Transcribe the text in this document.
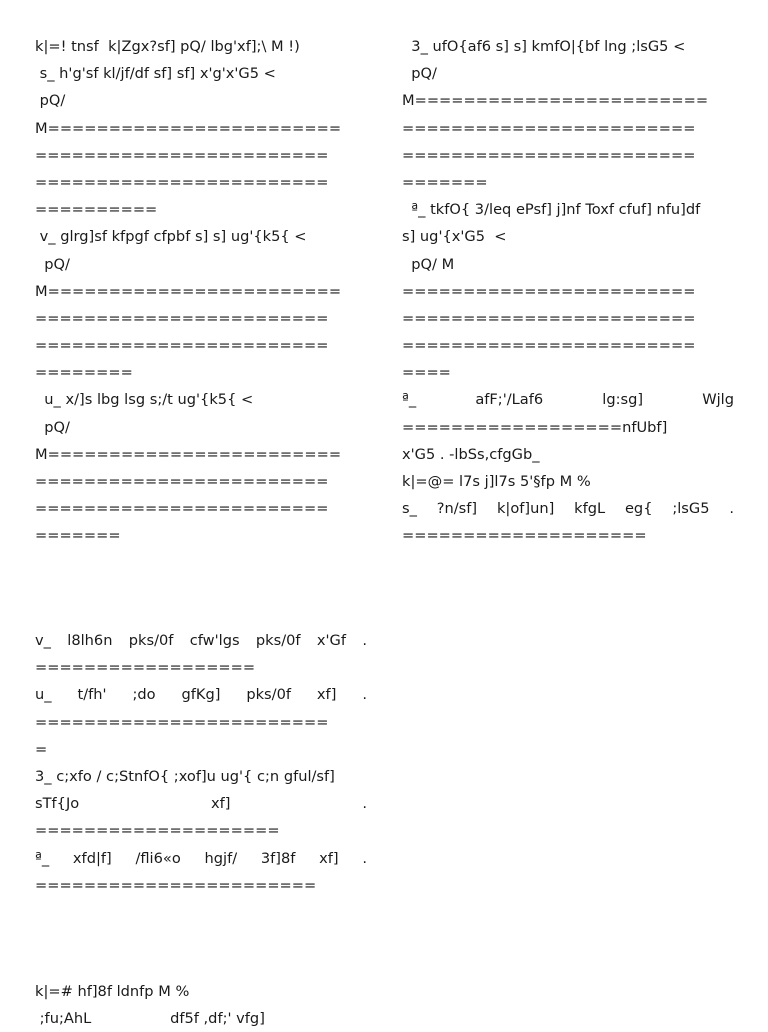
k|=! tnsf  k|Zgx?sf] pQ/ lbg'xf];\ M !)
s_ h'g'sf kl/jf/df sf] sf] x'g'x'G5 <
pQ/
M========================
========================
========================
==========
v_ glrg]sf kfpgf cfpbf s] s] ug'{k5{ <
pQ/
M========================
========================
========================
========
u_ x/]s lbg lsg s;/t ug'{k5{ <
pQ/
M========================
========================
========================
=======
3_ ufO{af6 s] s] kmfO|{bf lng ;lsG5 <
pQ/
M========================
========================
========================
=======
ª_ tkfO{ 3/leq ePsf] j]nf Toxf cfuf] nfu]df
s] ug'{x'G5  <
pQ/ M
========================
========================
========================
====
ª_	afF;'/Laf6	lg:sg]	Wjlg
==================nfUbf]
x'G5 . -lbSs,cfgGb_
k|=@= l7s j]l7s 5'§fp M %
s_ ?n/sf] k|of]un] kfgL eg{ ;lsG5 .
====================
v_ l8lh6n pks/0f cfw'lgs pks/0f x'Gf .
==================
u_ t/fh' ;do gfKg] pks/0f xf] .
========================
=
3_ c;xfo / c;StnfO{ ;xof]u ug'{ c;n gful/sf]
sTf{Jo	xf]	.
====================
ª_ xfd|f] /fli6«o hgjf/ 3f]8f xf] .
=======================
k|=# hf]8f ldnfp M %
;fu;AhL                 df5f ,df;' vfg]
